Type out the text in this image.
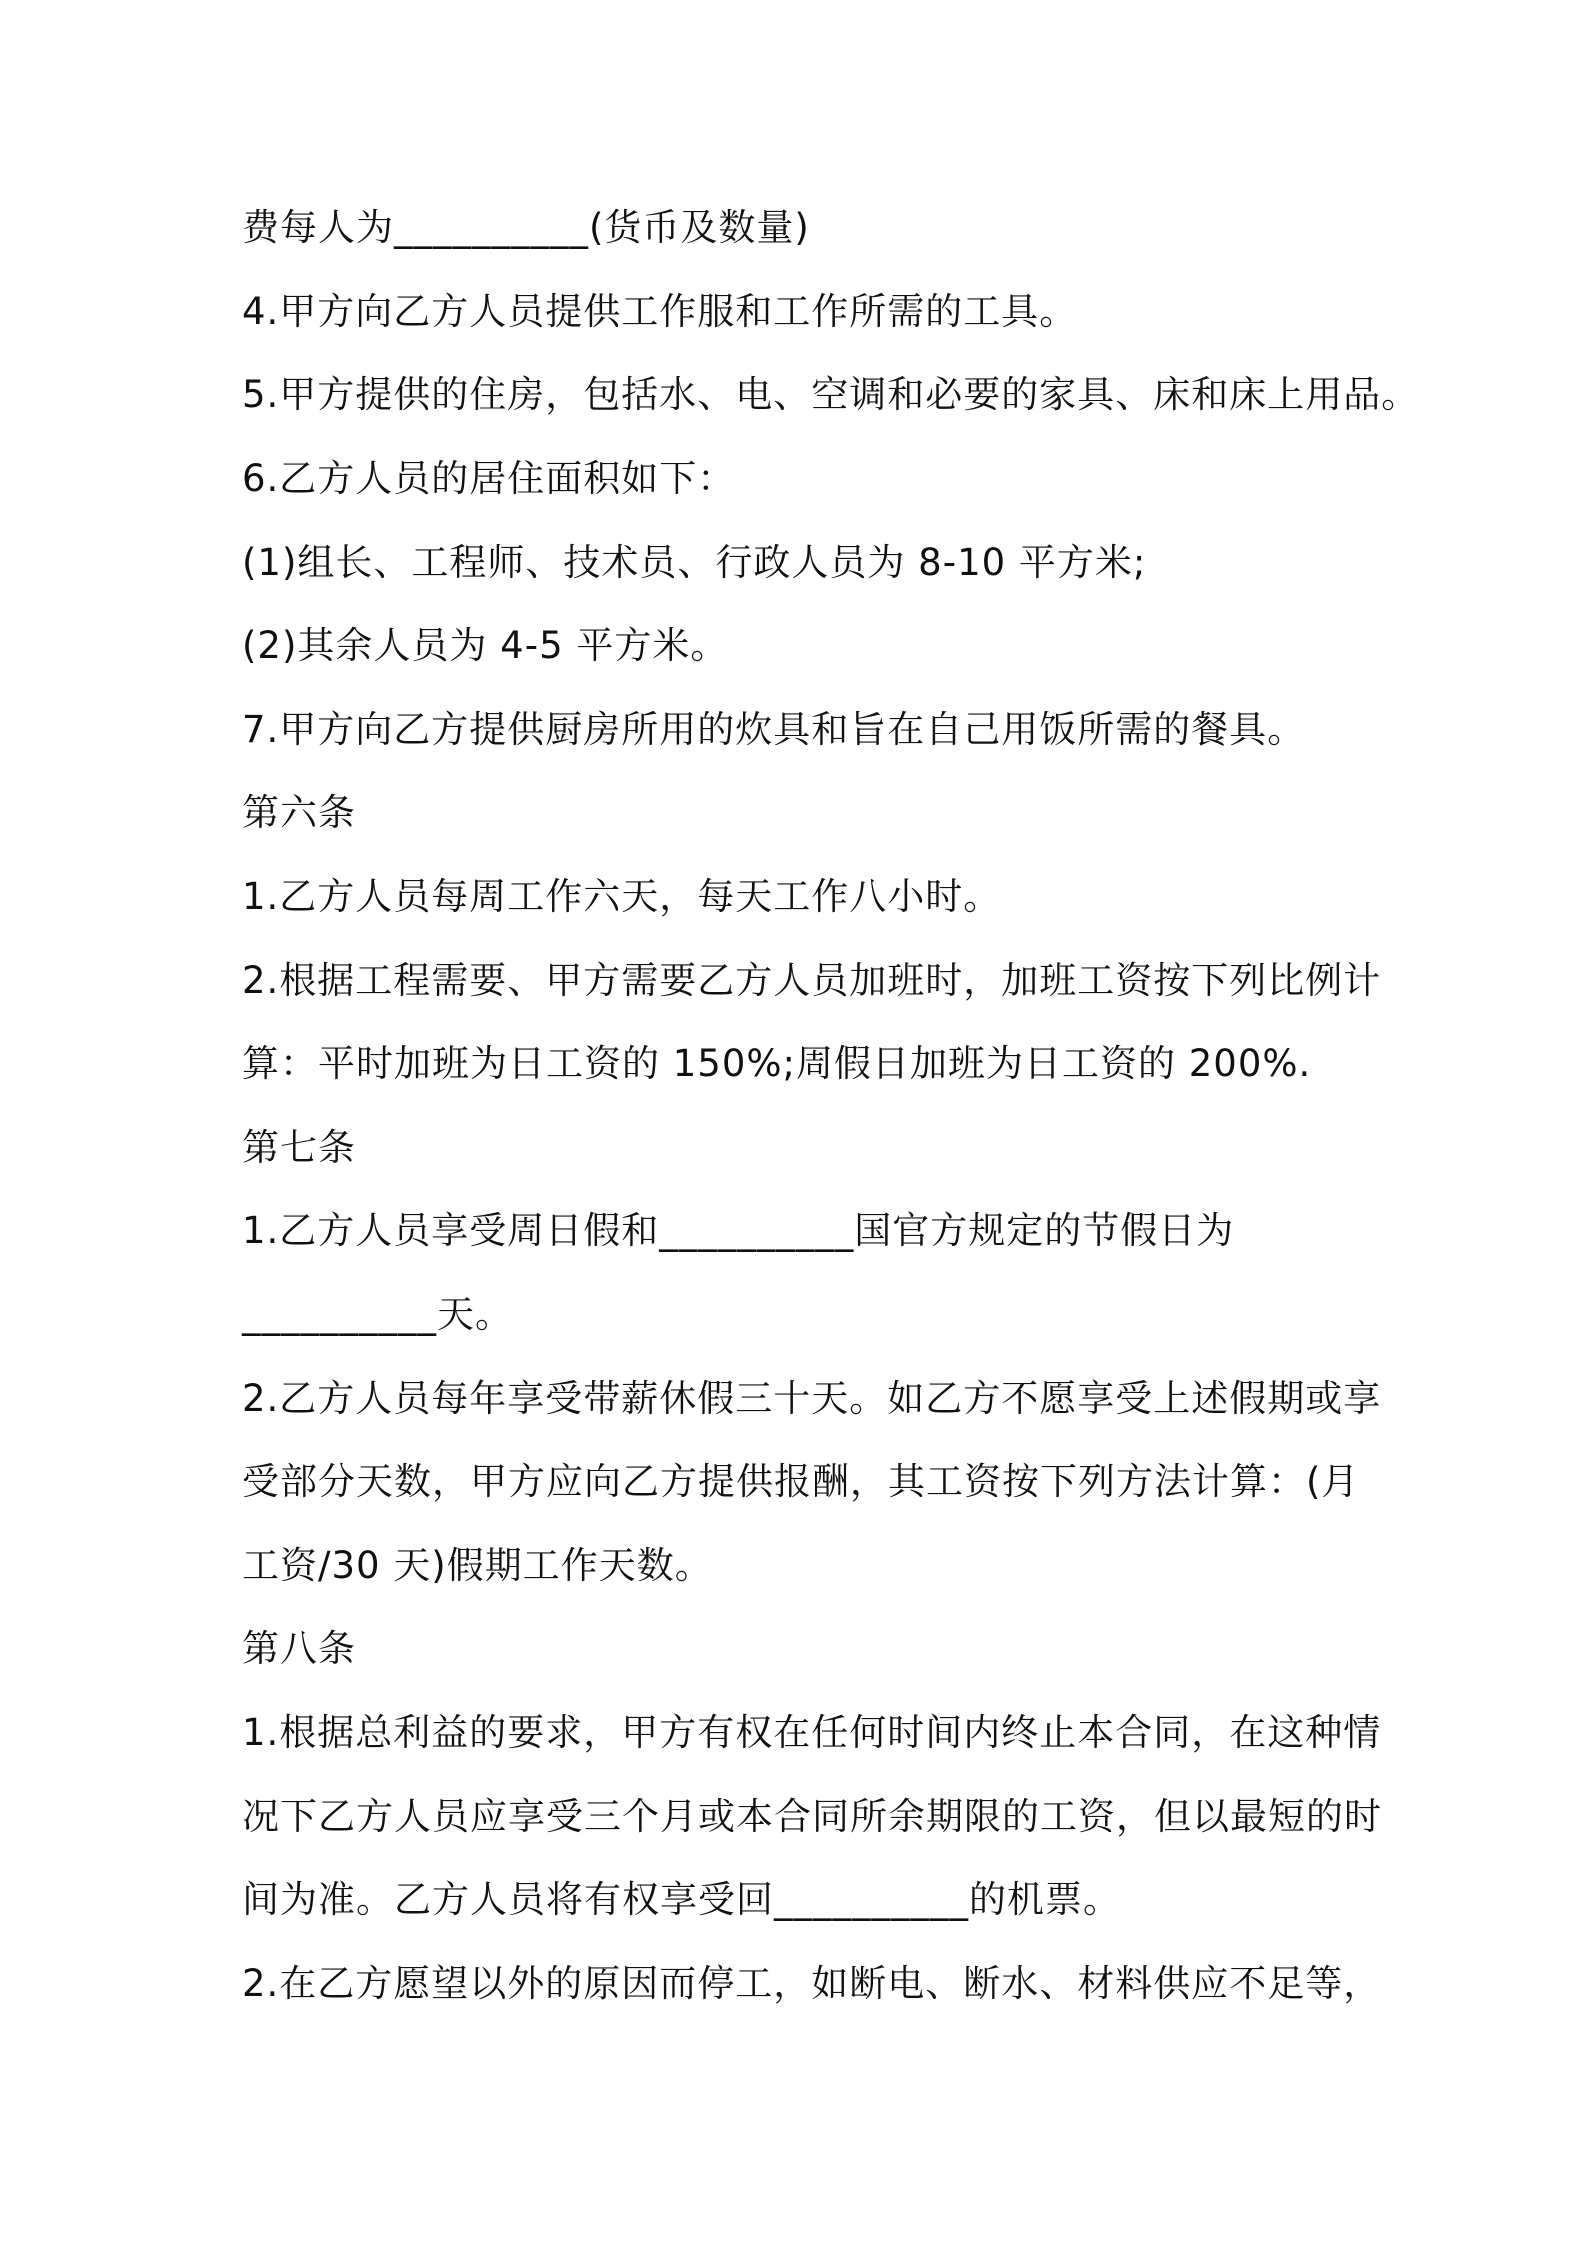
费每人为__________(货币及数量)
4.甲方向乙方人员提供工作服和工作所需的工具。
5.甲方提供的住房，包括水、电、空调和必要的家具、床和床上用品。
6.乙方人员的居住面积如下：
(1)组长、工程师、技术员、行政人员为 8-10 平方米;
(2)其余人员为 4-5 平方米。
7.甲方向乙方提供厨房所用的炊具和旨在自己用饭所需的餐具。
第六条
1.乙方人员每周工作六天，每天工作八小时。
2.根据工程需要、甲方需要乙方人员加班时，加班工资按下列比例计
算：平时加班为日工资的 150%;周假日加班为日工资的 200%.
第七条
1.乙方人员享受周日假和__________国官方规定的节假日为
__________天。
2.乙方人员每年享受带薪休假三十天。如乙方不愿享受上述假期或享
受部分天数，甲方应向乙方提供报酬，其工资按下列方法计算：(月
工资/30 天)假期工作天数。
第八条
1.根据总利益的要求，甲方有权在任何时间内终止本合同，在这种情
况下乙方人员应享受三个月或本合同所余期限的工资，但以最短的时
间为准。乙方人员将有权享受回__________的机票。
2.在乙方愿望以外的原因而停工，如断电、断水、材料供应不足等，
